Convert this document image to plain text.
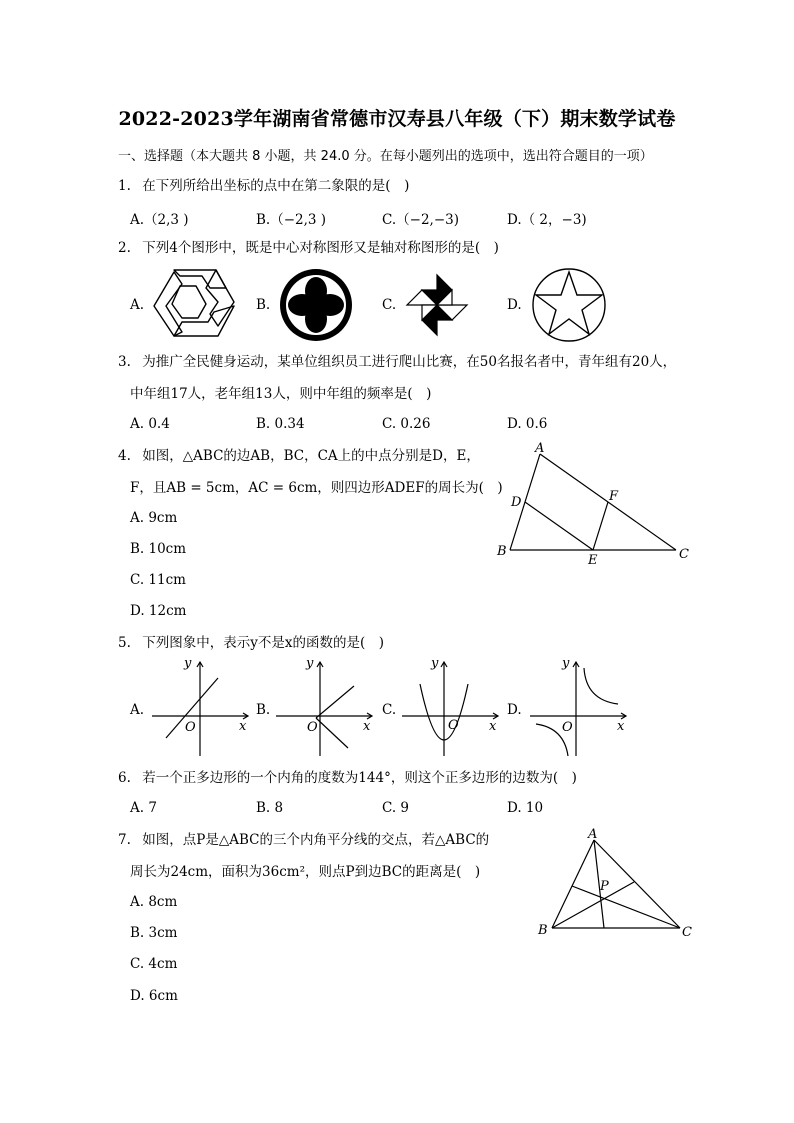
2022-2023学年湖南省常德市汉寿县八年级（下）期末数学试卷
一、选择题（本大题共 8 小题，共 24.0 分。在每小题列出的选项中，选出符合题目的一项）
1. 在下列所给出坐标的点中在第二象限的是(　)
A.（2,3 )	B.（−2,3 )	C.（−2,−3)	D.（ 2，−3)
2. 下列4个图形中，既是中心对称图形又是轴对称图形的是(　)
A.	B.	C.	D.
3. 为推广全民健身运动，某单位组织员工进行爬山比赛，在50名报名者中，青年组有20人，
中年组17人，老年组13人，则中年组的频率是(　)
A. 0.4	B. 0.34	C. 0.26	D. 0.6
4. 如图，△ABC的边AB，BC，CA上的中点分别是D，E，
F，且AB = 5cm，AC = 6cm，则四边形ADEF的周长为(　)
A. 9cm
B. 10cm
C. 11cm
D. 12cm
A
B	C
D
E
F
5. 下列图象中，表示y不是x的函数的是(　)
A.	B.	C.	D.
y
x
O
y
x
O
y
x
O
y
x
O
6. 若一个正多边形的一个内角的度数为144°，则这个正多边形的边数为(　)
A. 7	B. 8	C. 9	D. 10
7. 如图，点P是△ABC的三个内角平分线的交点，若△ABC的
周长为24cm，面积为36cm²，则点P到边BC的距离是(　)
A. 8cm
B. 3cm
C. 4cm
D. 6cm
A
B	C
P
